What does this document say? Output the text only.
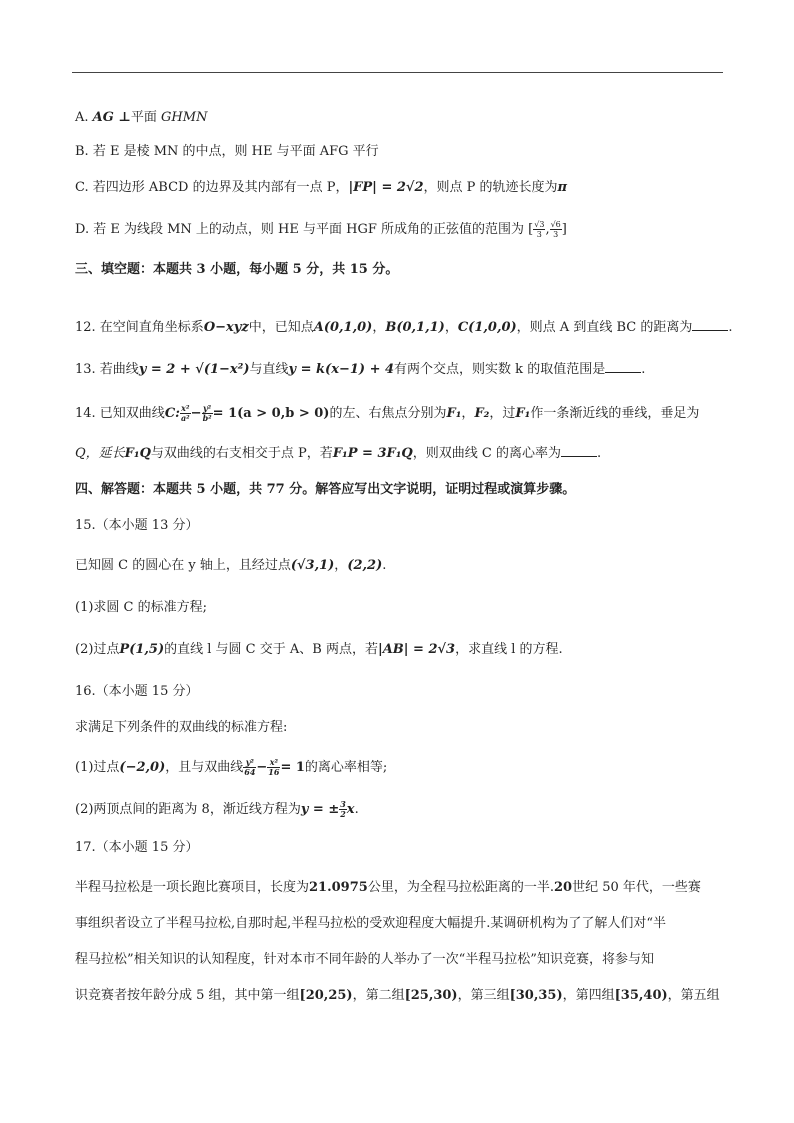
A. AG ⊥平面 GHMN
B. 若 E 是棱 MN 的中点，则 HE 与平面 AFG 平行
C. 若四边形 ABCD 的边界及其内部有一点 P，|FP| = 2√2，则点 P 的轨迹长度为π
D. 若 E 为线段 MN 上的动点，则 HE 与平面 HGF 所成角的正弦值的范围为 [ $\frac{√3}{3}$ , $\frac{√6}{3}$ ]
三、填空题：本题共 3 小题，每小题 5 分，共 15 分。
12. 在空间直角坐标系O−xyz中，已知点A(0,1,0)，B(0,1,1)，C(1,0,0)，则点 A 到直线 BC 的距离为	.
13. 若曲线y = 2 + √(1−x²)与直线y = k(x−1) + 4有两个交点，则实数 k 的取值范围是	.
14. 已知双曲线C: $\frac{\text{x²}}{\text{a²}} - \frac{\text{y²}}{\text{b²}} = 1(a > 0,b > 0)$的左、右焦点分别为F₁，F₂，过F₁作一条渐近线的垂线，垂足为
Q，延长F₁Q与双曲线的右支相交于点 P，若F₁P = 3F₁Q，则双曲线 C 的离心率为	.
四、解答题：本题共 5 小题，共 77 分。解答应写出文字说明，证明过程或演算步骤。
15.（本小题 13 分）
已知圆 C 的圆心在 y 轴上，且经过点(√3,1)，(2,2).
(1)求圆 C 的标准方程;
(2)过点P(1,5)的直线 l 与圆 C 交于 A、B 两点，若|AB| = 2√3，求直线 l 的方程.
16.（本小题 15 分）
求满足下列条件的双曲线的标准方程:
(1)过点(−2,0)，且与双曲线 $\frac{\text{y²}}{64} - \frac{\text{x²}}{16} = 1$的离心率相等;
(2)两顶点间的距离为 8，渐近线方程为y = ± $\frac{3}{2} x$.
17.（本小题 15 分）
半程马拉松是一项长跑比赛项目，长度为21.0975公里，为全程马拉松距离的一半.20世纪 50 年代，一些赛
事组织者设立了半程马拉松,自那时起,半程马拉松的受欢迎程度大幅提升.某调研机构为了了解人们对“半
程马拉松”相关知识的认知程度，针对本市不同年龄的人举办了一次“半程马拉松”知识竞赛，将参与知
识竞赛者按年龄分成 5 组，其中第一组[20,25)，第二组[25,30)，第三组[30,35)，第四组[35,40)，第五组
